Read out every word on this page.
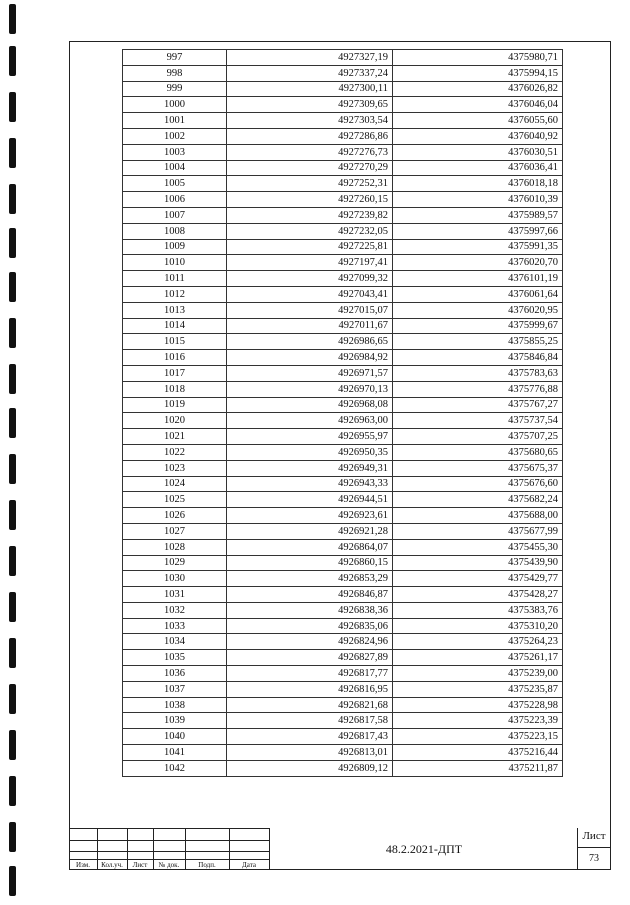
997	4927327,19	4375980,71
998	4927337,24	4375994,15
999	4927300,11	4376026,82
1000	4927309,65	4376046,04
1001	4927303,54	4376055,60
1002	4927286,86	4376040,92
1003	4927276,73	4376030,51
1004	4927270,29	4376036,41
1005	4927252,31	4376018,18
1006	4927260,15	4376010,39
1007	4927239,82	4375989,57
1008	4927232,05	4375997,66
1009	4927225,81	4375991,35
1010	4927197,41	4376020,70
1011	4927099,32	4376101,19
1012	4927043,41	4376061,64
1013	4927015,07	4376020,95
1014	4927011,67	4375999,67
1015	4926986,65	4375855,25
1016	4926984,92	4375846,84
1017	4926971,57	4375783,63
1018	4926970,13	4375776,88
1019	4926968,08	4375767,27
1020	4926963,00	4375737,54
1021	4926955,97	4375707,25
1022	4926950,35	4375680,65
1023	4926949,31	4375675,37
1024	4926943,33	4375676,60
1025	4926944,51	4375682,24
1026	4926923,61	4375688,00
1027	4926921,28	4375677,99
1028	4926864,07	4375455,30
1029	4926860,15	4375439,90
1030	4926853,29	4375429,77
1031	4926846,87	4375428,27
1032	4926838,36	4375383,76
1033	4926835,06	4375310,20
1034	4926824,96	4375264,23
1035	4926827,89	4375261,17
1036	4926817,77	4375239,00
1037	4926816,95	4375235,87
1038	4926821,68	4375228,98
1039	4926817,58	4375223,39
1040	4926817,43	4375223,15
1041	4926813,01	4375216,44
1042	4926809,12	4375211,87
Изм.	Кол.уч.	Лист	№ док.	Подп.	Дата
48.2.2021-ДПТ
Лист
73
